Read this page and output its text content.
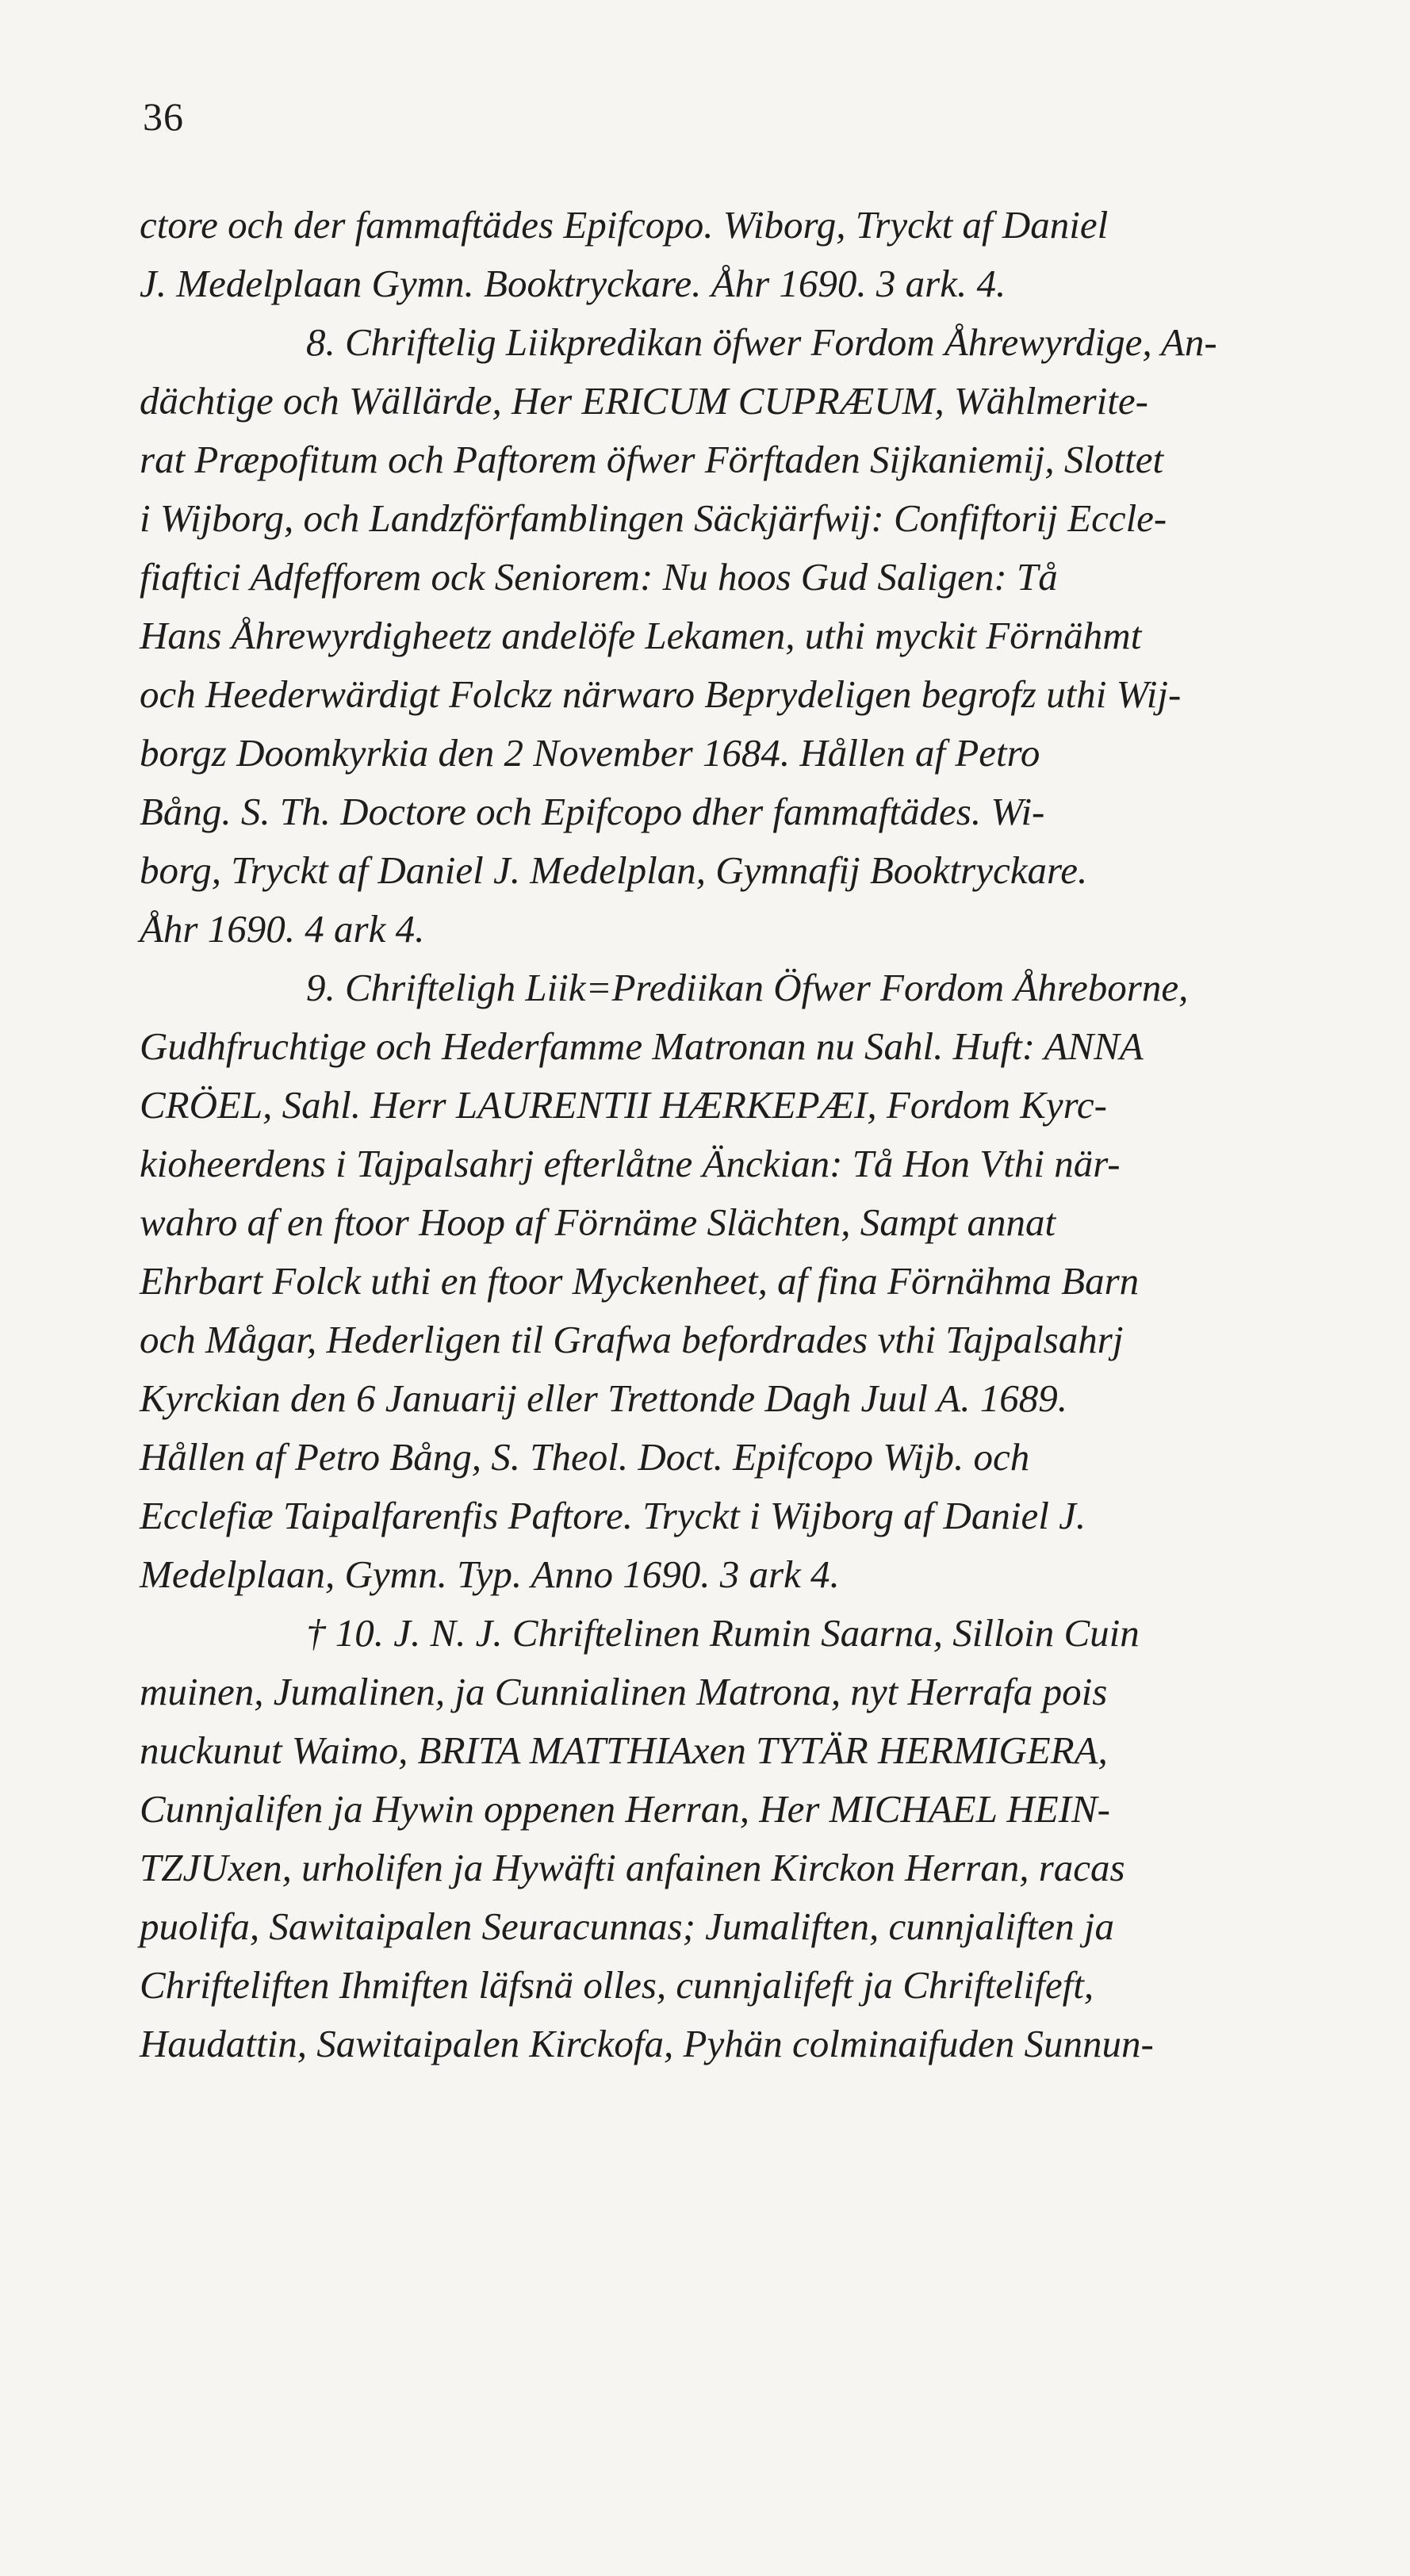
36
ctore och der fammaftädes Epifcopo. Wiborg, Tryckt af Daniel
J. Medelplaan Gymn. Booktryckare. Åhr 1690. 3 ark. 4.
8. Chriftelig Liikpredikan öfwer Fordom Åhrewyrdige, An-
dächtige och Wällärde, Her ERICUM CUPRÆUM, Wählmerite-
rat Præpofitum och Paftorem öfwer Förftaden Sijkaniemij, Slottet
i Wijborg, och Landzförfamblingen Säckjärfwij: Confiftorij Eccle-
fiaftici Adfefforem ock Seniorem: Nu hoos Gud Saligen: Tå
Hans Åhrewyrdigheetz andelöfe Lekamen, uthi myckit Förnähmt
och Heederwärdigt Folckz närwaro Beprydeligen begrofz uthi Wij-
borgz Doomkyrkia den 2 November 1684. Hållen af Petro
Bång. S. Th. Doctore och Epifcopo dher fammaftädes. Wi-
borg, Tryckt af Daniel J. Medelplan, Gymnafij Booktryckare.
Åhr 1690. 4 ark 4.
9. Chrifteligh Liik=Prediikan Öfwer Fordom Åhreborne,
Gudhfruchtige och Hederfamme Matronan nu Sahl. Huft: ANNA
CRÖEL, Sahl. Herr LAURENTII HÆRKEPÆI, Fordom Kyrc-
kioheerdens i Tajpalsahrj efterlåtne Änckian: Tå Hon Vthi när-
wahro af en ftoor Hoop af Förnäme Slächten, Sampt annat
Ehrbart Folck uthi en ftoor Myckenheet, af fina Förnähma Barn
och Mågar, Hederligen til Grafwa befordrades vthi Tajpalsahrj
Kyrckian den 6 Januarij eller Trettonde Dagh Juul A. 1689.
Hållen af Petro Bång, S. Theol. Doct. Epifcopo Wijb. och
Ecclefiæ Taipalfarenfis Paftore. Tryckt i Wijborg af Daniel J.
Medelplaan, Gymn. Typ. Anno 1690. 3 ark 4.
† 10. J. N. J. Chriftelinen Rumin Saarna, Silloin Cuin
muinen, Jumalinen, ja Cunnialinen Matrona, nyt Herrafa pois
nuckunut Waimo, BRITA MATTHIAxen TYTÄR HERMIGERA,
Cunnjalifen ja Hywin oppenen Herran, Her MICHAEL HEIN-
TZJUxen, urholifen ja Hywäfti anfainen Kirckon Herran, racas
puolifa, Sawitaipalen Seuracunnas; Jumaliften, cunnjaliften ja
Chrifteliften Ihmiften läfsnä olles, cunnjalifeft ja Chriftelifeft,
Haudattin, Sawitaipalen Kirckofa, Pyhän colminaifuden Sunnun-
